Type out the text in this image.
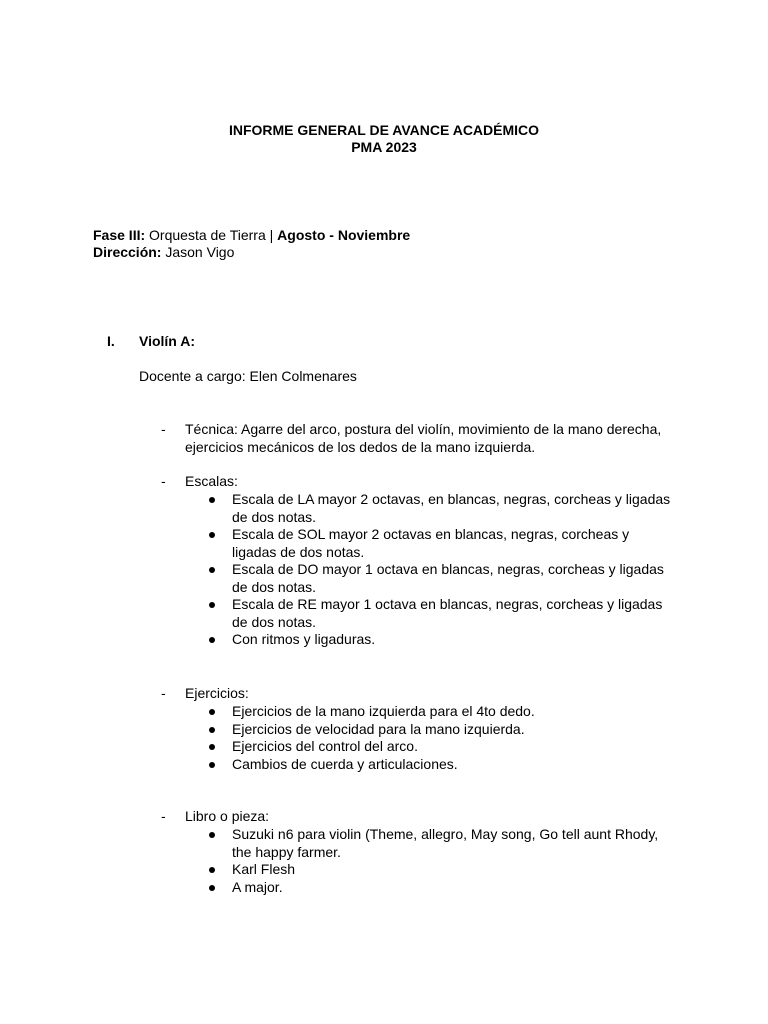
INFORME GENERAL DE AVANCE ACADÉMICO
PMA 2023
Fase III: Orquesta de Tierra | Agosto - Noviembre
Dirección: Jason Vigo
I. Violín A:
Docente a cargo: Elen Colmenares
- Técnica: Agarre del arco, postura del violín, movimiento de la mano derecha, ejercicios mecánicos de los dedos de la mano izquierda.
- Escalas:
Escala de LA mayor 2 octavas, en blancas, negras, corcheas y ligadas de dos notas.
Escala de SOL mayor 2 octavas en blancas, negras, corcheas y ligadas de dos notas.
Escala de DO mayor 1 octava en blancas, negras, corcheas y ligadas de dos notas.
Escala de RE mayor 1 octava en blancas, negras, corcheas y ligadas de dos notas.
Con ritmos y ligaduras.
- Ejercicios:
Ejercicios de la mano izquierda para el 4to dedo.
Ejercicios de velocidad para la mano izquierda.
Ejercicios del control del arco.
Cambios de cuerda y articulaciones.
- Libro o pieza:
Suzuki n6 para violin (Theme, allegro, May song, Go tell aunt Rhody, the happy farmer.
Karl Flesh
A major.
